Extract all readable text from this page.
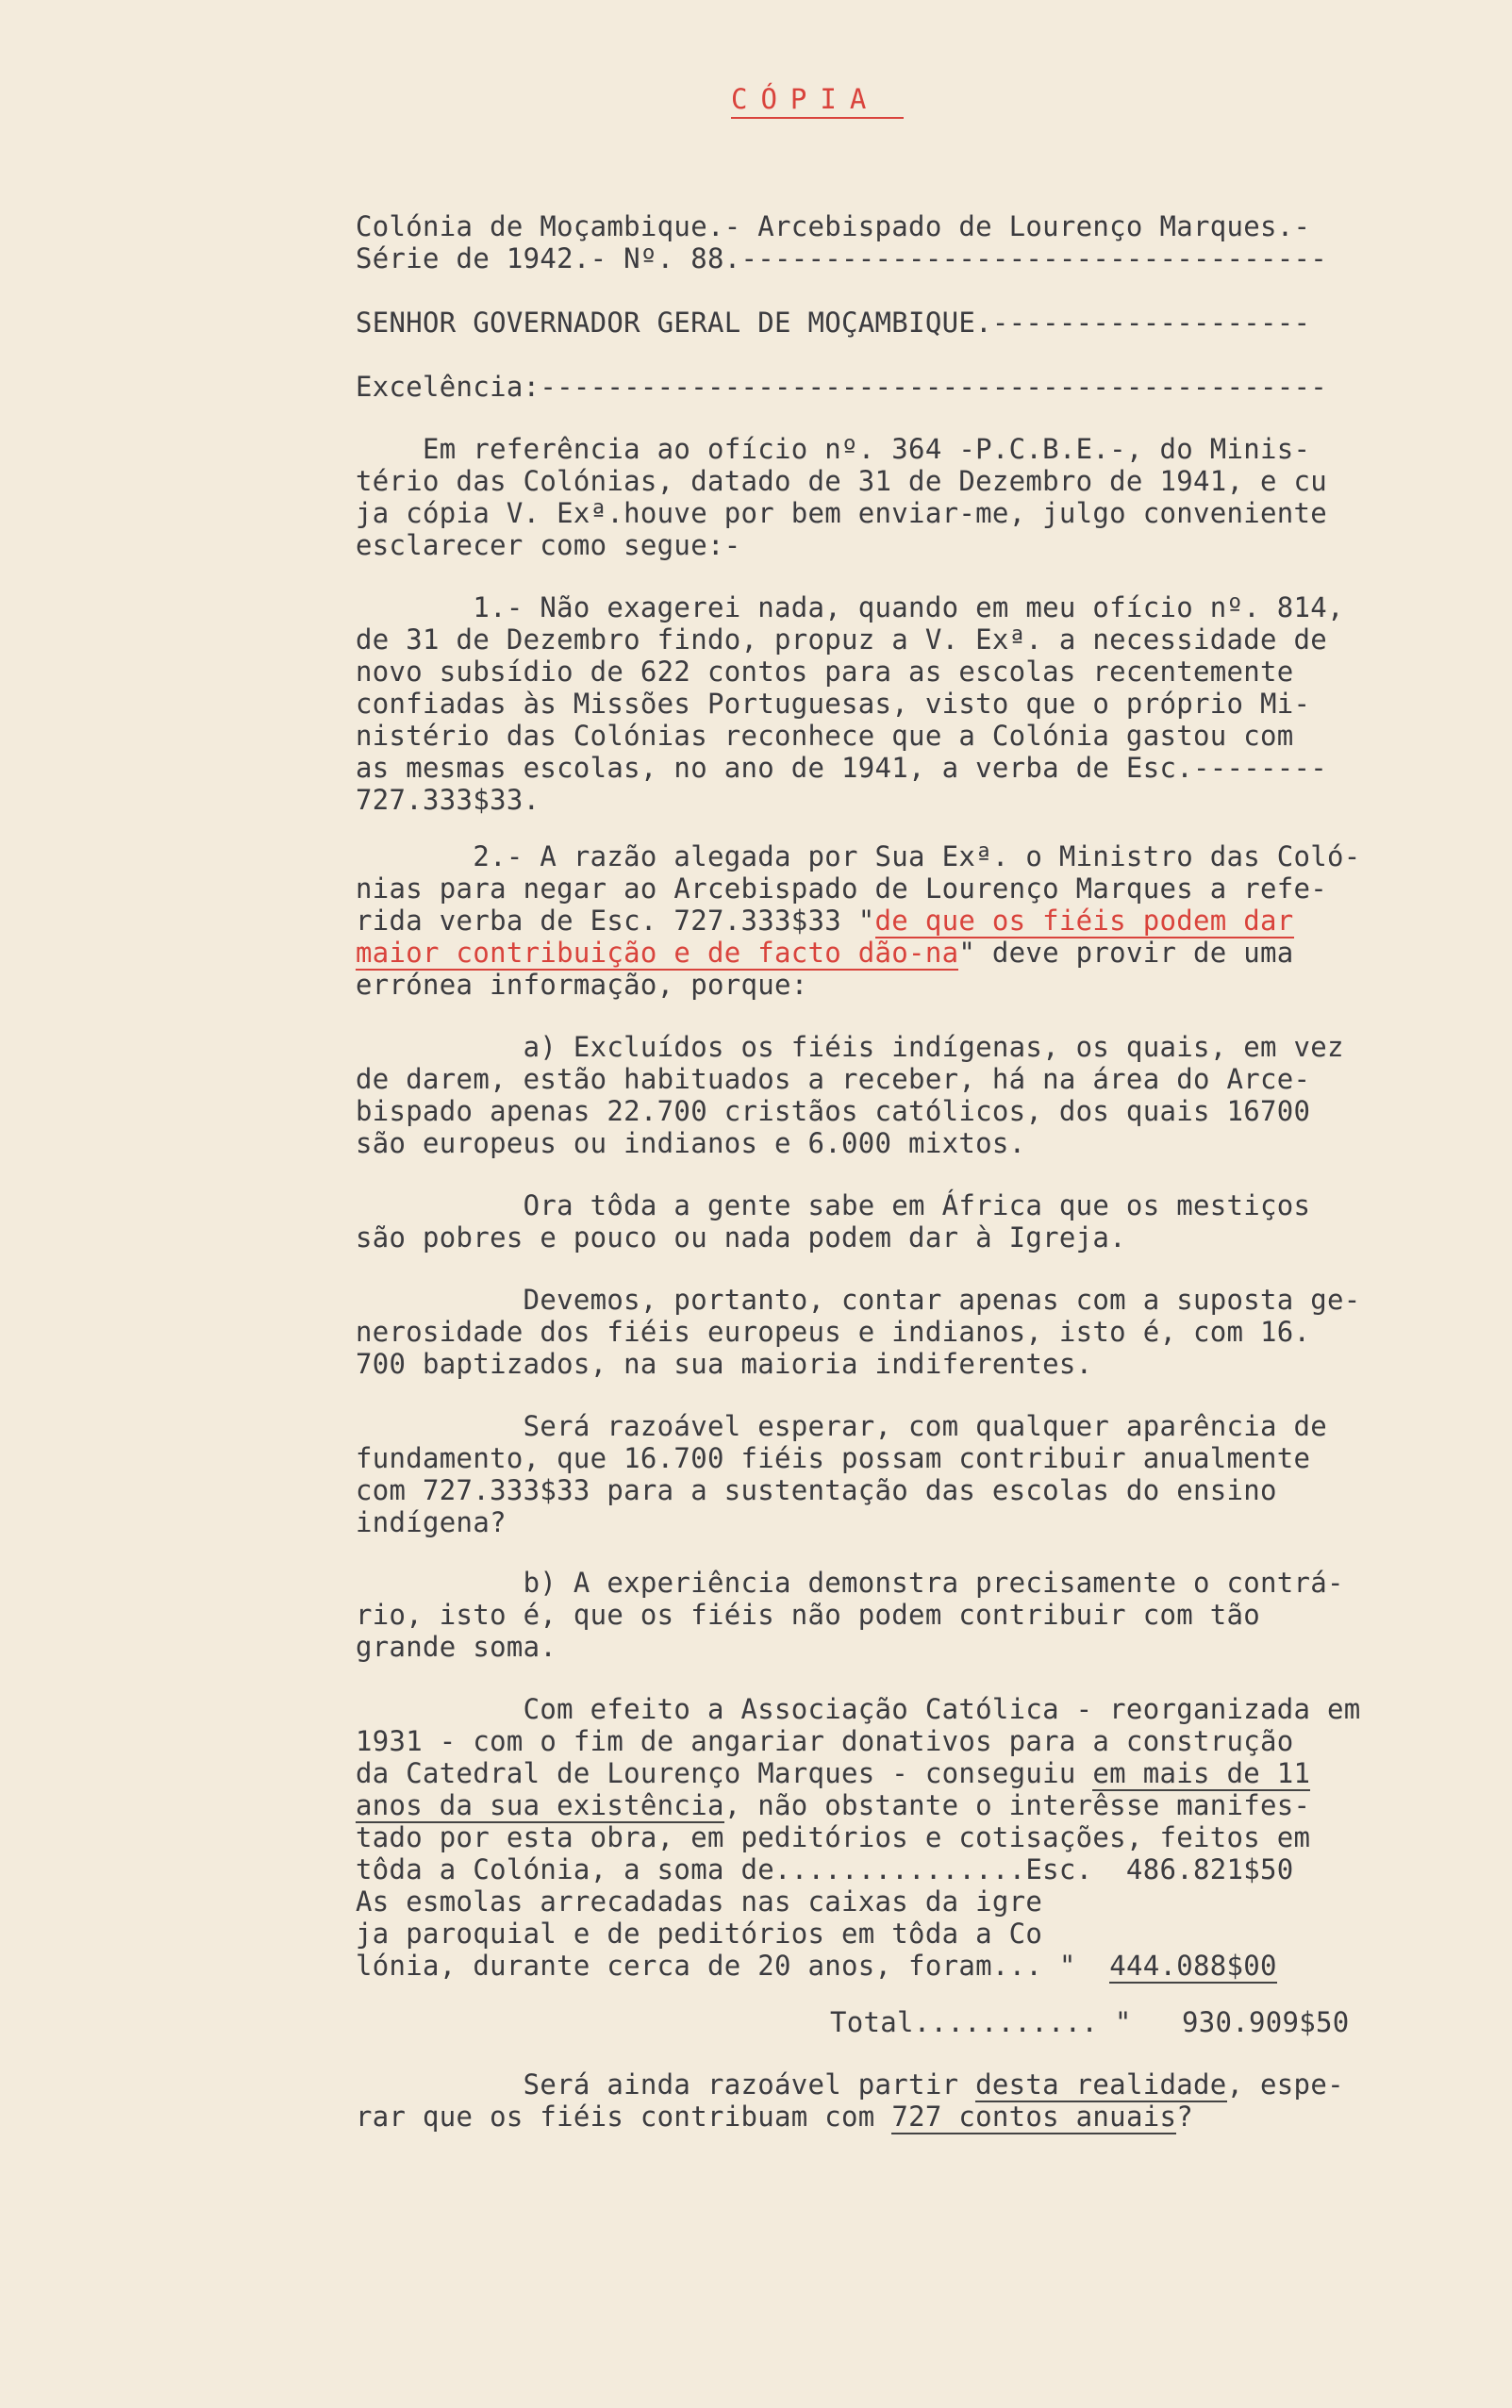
CÓPIA
Colónia de Moçambique.- Arcebispado de Lourenço Marques.-
Série de 1942.- Nº. 88.-----------------------------------
SENHOR GOVERNADOR GERAL DE MOÇAMBIQUE.-------------------
Excelência:-----------------------------------------------
Em referência ao ofício nº. 364 -P.C.B.E.-, do Minis-
tério das Colónias, datado de 31 de Dezembro de 1941, e cu
ja cópia V. Exª.houve por bem enviar-me, julgo conveniente
esclarecer como segue:-
1.- Não exagerei nada, quando em meu ofício nº. 814,
de 31 de Dezembro findo, propuz a V. Exª. a necessidade de
novo subsídio de 622 contos para as escolas recentemente
confiadas às Missões Portuguesas, visto que o próprio Mi-
nistério das Colónias reconhece que a Colónia gastou com
as mesmas escolas, no ano de 1941, a verba de Esc.--------
727.333$33.
2.- A razão alegada por Sua Exª. o Ministro das Coló-
nias para negar ao Arcebispado de Lourenço Marques a refe-
rida verba de Esc. 727.333$33 "de que os fiéis podem dar
maior contribuição e de facto dão-na" deve provir de uma
errónea informação, porque:
a) Excluídos os fiéis indígenas, os quais, em vez
de darem, estão habituados a receber, há na área do Arce-
bispado apenas 22.700 cristãos católicos, dos quais 16700
são europeus ou indianos e 6.000 mixtos.
Ora tôda a gente sabe em África que os mestiços
são pobres e pouco ou nada podem dar à Igreja.
Devemos, portanto, contar apenas com a suposta ge-
nerosidade dos fiéis europeus e indianos, isto é, com 16.
700 baptizados, na sua maioria indiferentes.
Será razoável esperar, com qualquer aparência de
fundamento, que 16.700 fiéis possam contribuir anualmente
com 727.333$33 para a sustentação das escolas do ensino
indígena?
b) A experiência demonstra precisamente o contrá-
rio, isto é, que os fiéis não podem contribuir com tão
grande soma.
Com efeito a Associação Católica - reorganizada em
1931 - com o fim de angariar donativos para a construção
da Catedral de Lourenço Marques - conseguiu em mais de 11
anos da sua existência, não obstante o interêsse manifes-
tado por esta obra, em peditórios e cotisações, feitos em
tôda a Colónia, a soma de...............Esc.  486.821$50
As esmolas arrecadadas nas caixas da igre
ja paroquial e de peditórios em tôda a Co
lónia, durante cerca de 20 anos, foram... "  444.088$00
Total........... "   930.909$50
Será ainda razoável partir desta realidade, espe-
rar que os fiéis contribuam com 727 contos anuais?
